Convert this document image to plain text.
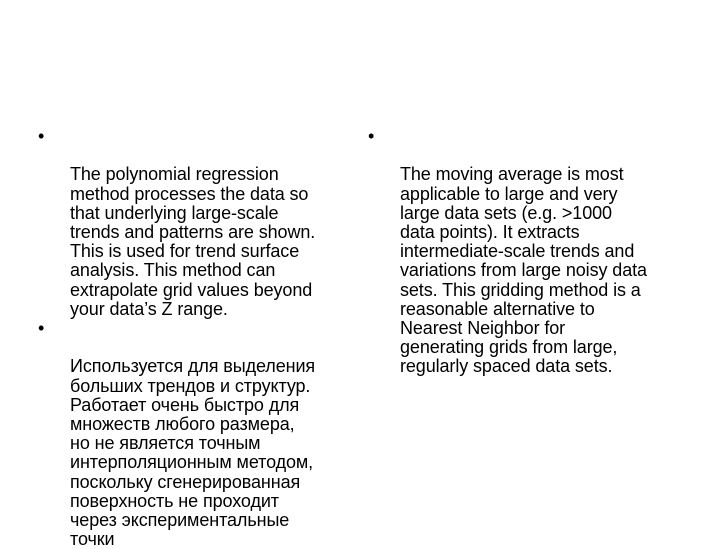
•

The polynomial regression
method processes the data so
that underlying large-scale
trends and patterns are shown.
This is used for trend surface
analysis. This method can
extrapolate grid values beyond
your data’s Z range.

•

Используется для выделения
больших трендов и структур.
Работает очень быстро для
множеств любого размера,
но не является точным
интерполяционным методом,
поскольку сгенерированная
поверхность не проходит
через экспериментальные
точки

•

The moving average is most
applicable to large and very
large data sets (e.g. >1000
data points). It extracts
intermediate-scale trends and
variations from large noisy data
sets. This gridding method is a
reasonable alternative to
Nearest Neighbor for
generating grids from large,
regularly spaced data sets.
